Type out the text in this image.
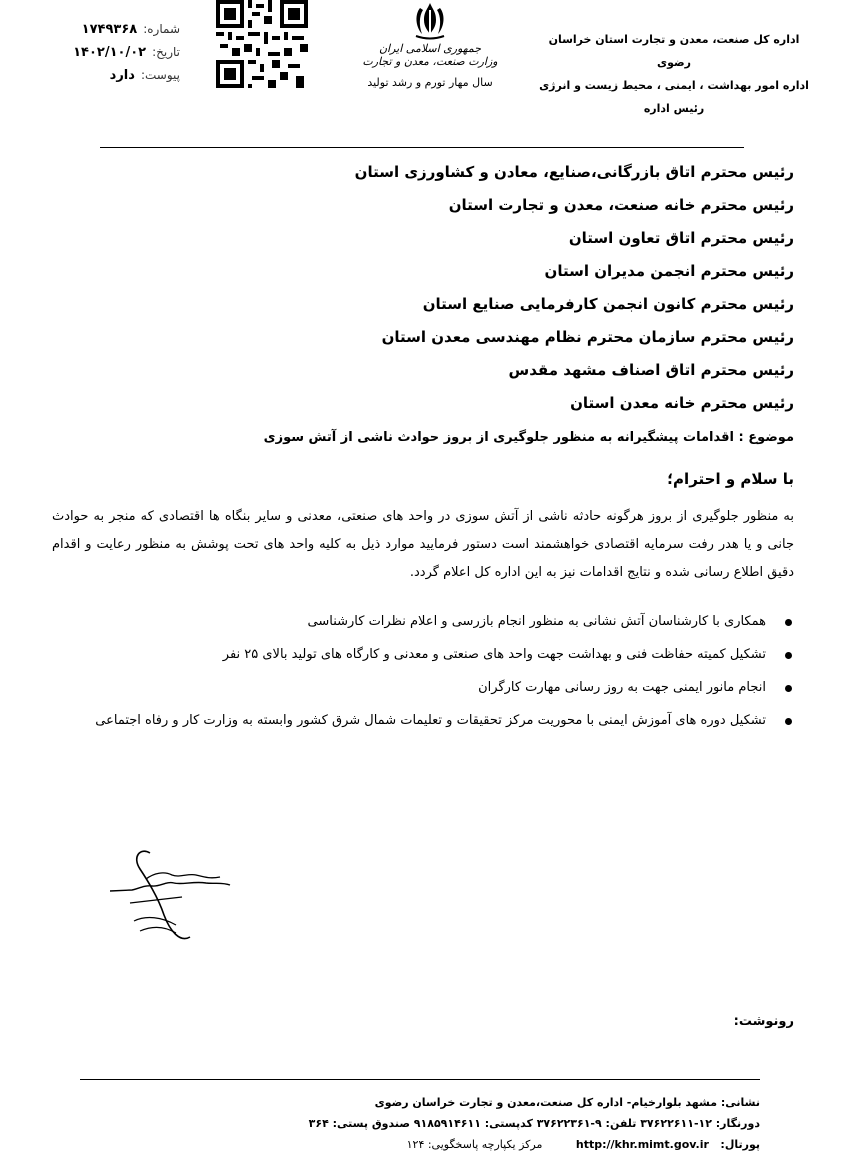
اداره کل صنعت، معدن و تجارت استان خراسان رضوی
اداره امور بهداشت ، ایمنی ، محیط زیست و انرژی
رئیس اداره
جمهوری اسلامی ایران
وزارت صنعت، معدن و تجارت
سال مهار تورم و رشد تولید
شماره:
۱۷۴۹۳۶۸
تاریخ:
۱۴۰۲/۱۰/۰۲
پیوست:
دارد
رئیس محترم اتاق بازرگانی،صنایع، معادن و کشاورزی استان
رئیس محترم خانه صنعت، معدن و تجارت استان
رئیس محترم اتاق تعاون استان
رئیس محترم انجمن مدیران استان
رئیس محترم کانون انجمن کارفرمایی صنایع استان
رئیس محترم سازمان محترم نظام مهندسی معدن استان
رئیس محترم اتاق اصناف مشهد مقدس
رئیس محترم خانه معدن استان
موضوع : اقدامات پیشگیرانه به منظور جلوگیری از بروز حوادث ناشی از آتش سوزی
با سلام و احترام؛
به منظور جلوگیری از بروز هرگونه حادثه ناشی از آتش سوزی در واحد های صنعتی، معدنی و سایر بنگاه ها اقتصادی که منجر به حوادث جانی و یا هدر رفت سرمایه اقتصادی خواهشمند است دستور فرمایید موارد ذیل به کلیه واحد های تحت پوشش به منظور رعایت و اقدام دقیق اطلاع رسانی شده و نتایج اقدامات نیز به این اداره کل اعلام گردد.
همکاری با کارشناسان آتش نشانی به منظور انجام بازرسی و اعلام نظرات کارشناسی
تشکیل کمیته حفاظت فنی و بهداشت جهت واحد های صنعتی و معدنی و کارگاه های تولید بالای ۲۵ نفر
انجام مانور ایمنی جهت به روز رسانی مهارت کارگران
تشکیل دوره های آموزش ایمنی با محوریت مرکز تحقیقات و تعلیمات شمال شرق کشور وابسته به وزارت کار و رفاه اجتماعی
رونوشت:
نشانی: مشهد بلوارخیام- اداره کل صنعت،معدن و تجارت خراسان رضوی
دورنگار: ۱۲-۳۷۶۲۲۶۱۱ تلفن: ۹-۳۷۶۲۲۳۶۱ کدپستی: ۹۱۸۵۹۱۴۶۱۱ صندوق پستی: ۳۶۴
پورتال: http://khr.mimt.gov.ir مرکز یکپارچه پاسخگویی: ۱۲۴
